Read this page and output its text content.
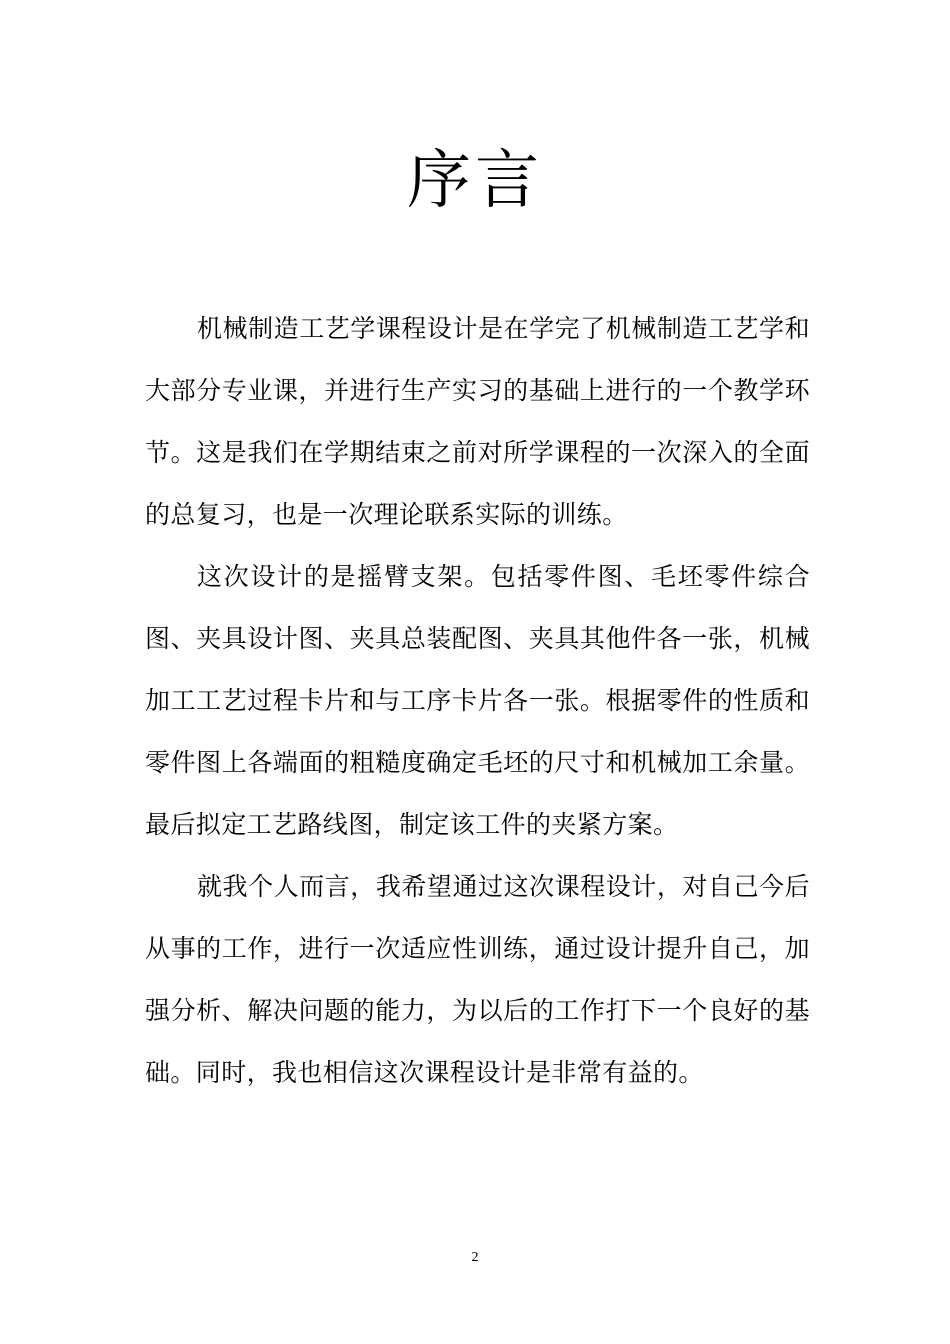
序言

机械制造工艺学课程设计是在学完了机械制造工艺学和大部分专业课，并进行生产实习的基础上进行的一个教学环节。这是我们在学期结束之前对所学课程的一次深入的全面的总复习，也是一次理论联系实际的训练。

这次设计的是摇臂支架。包括零件图、毛坯零件综合图、夹具设计图、夹具总装配图、夹具其他件各一张，机械加工工艺过程卡片和与工序卡片各一张。根据零件的性质和零件图上各端面的粗糙度确定毛坯的尺寸和机械加工余量。最后拟定工艺路线图，制定该工件的夹紧方案。

就我个人而言，我希望通过这次课程设计，对自己今后从事的工作，进行一次适应性训练，通过设计提升自己，加强分析、解决问题的能力，为以后的工作打下一个良好的基础。同时，我也相信这次课程设计是非常有益的。

2
